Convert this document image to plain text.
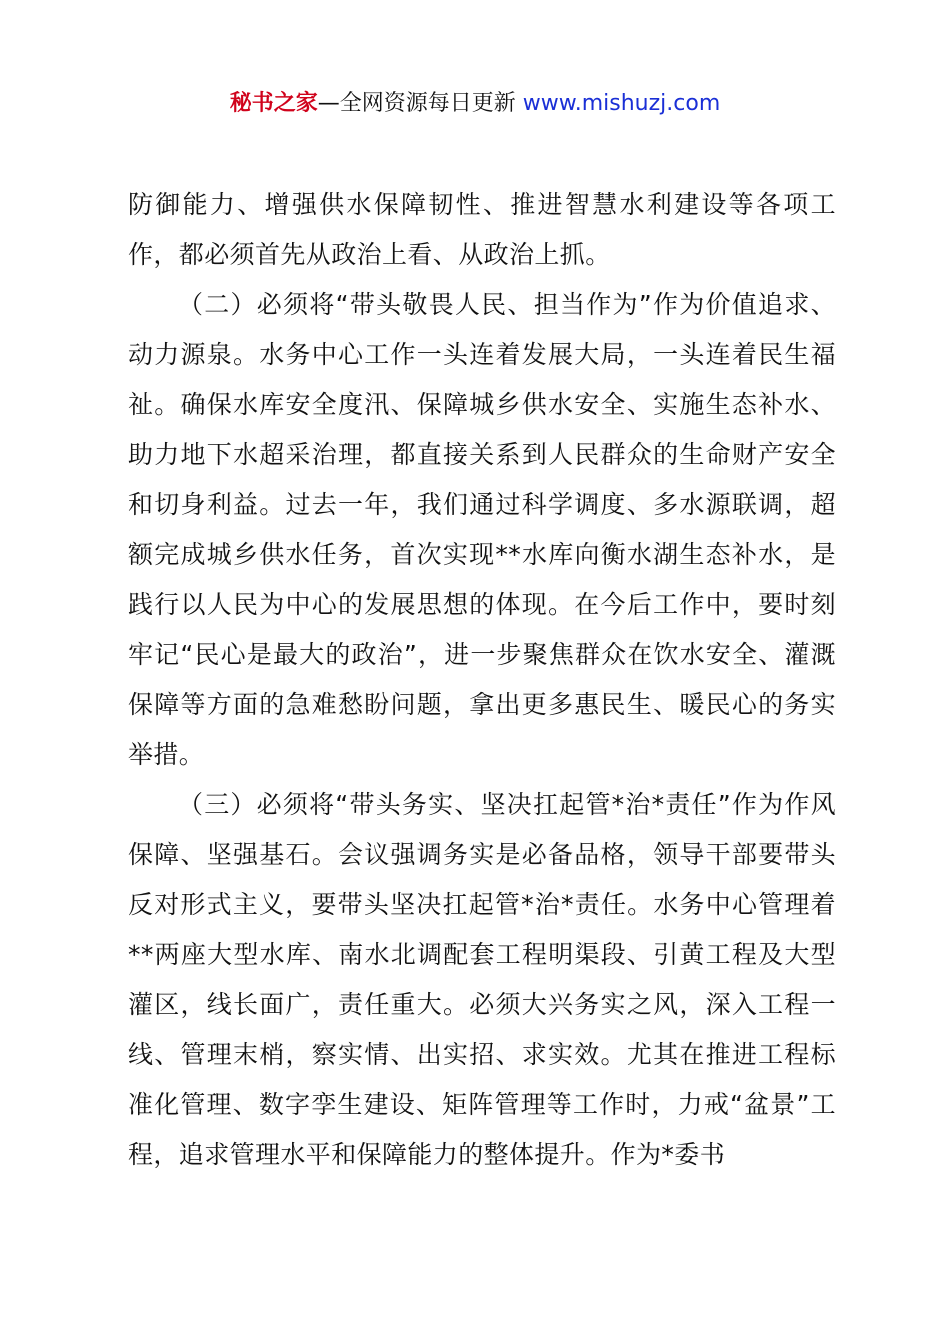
秘书之家—全网资源每日更新 www.mishuzj.com

防御能力、增强供水保障韧性、推进智慧水利建设等各项工作，都必须首先从政治上看、从政治上抓。

（二）必须将“带头敬畏人民、担当作为”作为价值追求、动力源泉。水务中心工作一头连着发展大局，一头连着民生福祉。确保水库安全度汛、保障城乡供水安全、实施生态补水、助力地下水超采治理，都直接关系到人民群众的生命财产安全和切身利益。过去一年，我们通过科学调度、多水源联调，超额完成城乡供水任务，首次实现**水库向衡水湖生态补水，是践行以人民为中心的发展思想的体现。在今后工作中，要时刻牢记“民心是最大的政治”，进一步聚焦群众在饮水安全、灌溉保障等方面的急难愁盼问题，拿出更多惠民生、暖民心的务实举措。

（三）必须将“带头务实、坚决扛起管*治*责任”作为作风保障、坚强基石。会议强调务实是必备品格，领导干部要带头反对形式主义，要带头坚决扛起管*治*责任。水务中心管理着**两座大型水库、南水北调配套工程明渠段、引黄工程及大型灌区，线长面广，责任重大。必须大兴务实之风，深入工程一线、管理末梢，察实情、出实招、求实效。尤其在推进工程标准化管理、数字孪生建设、矩阵管理等工作时，力戒“盆景”工程，追求管理水平和保障能力的整体提升。作为*委书
